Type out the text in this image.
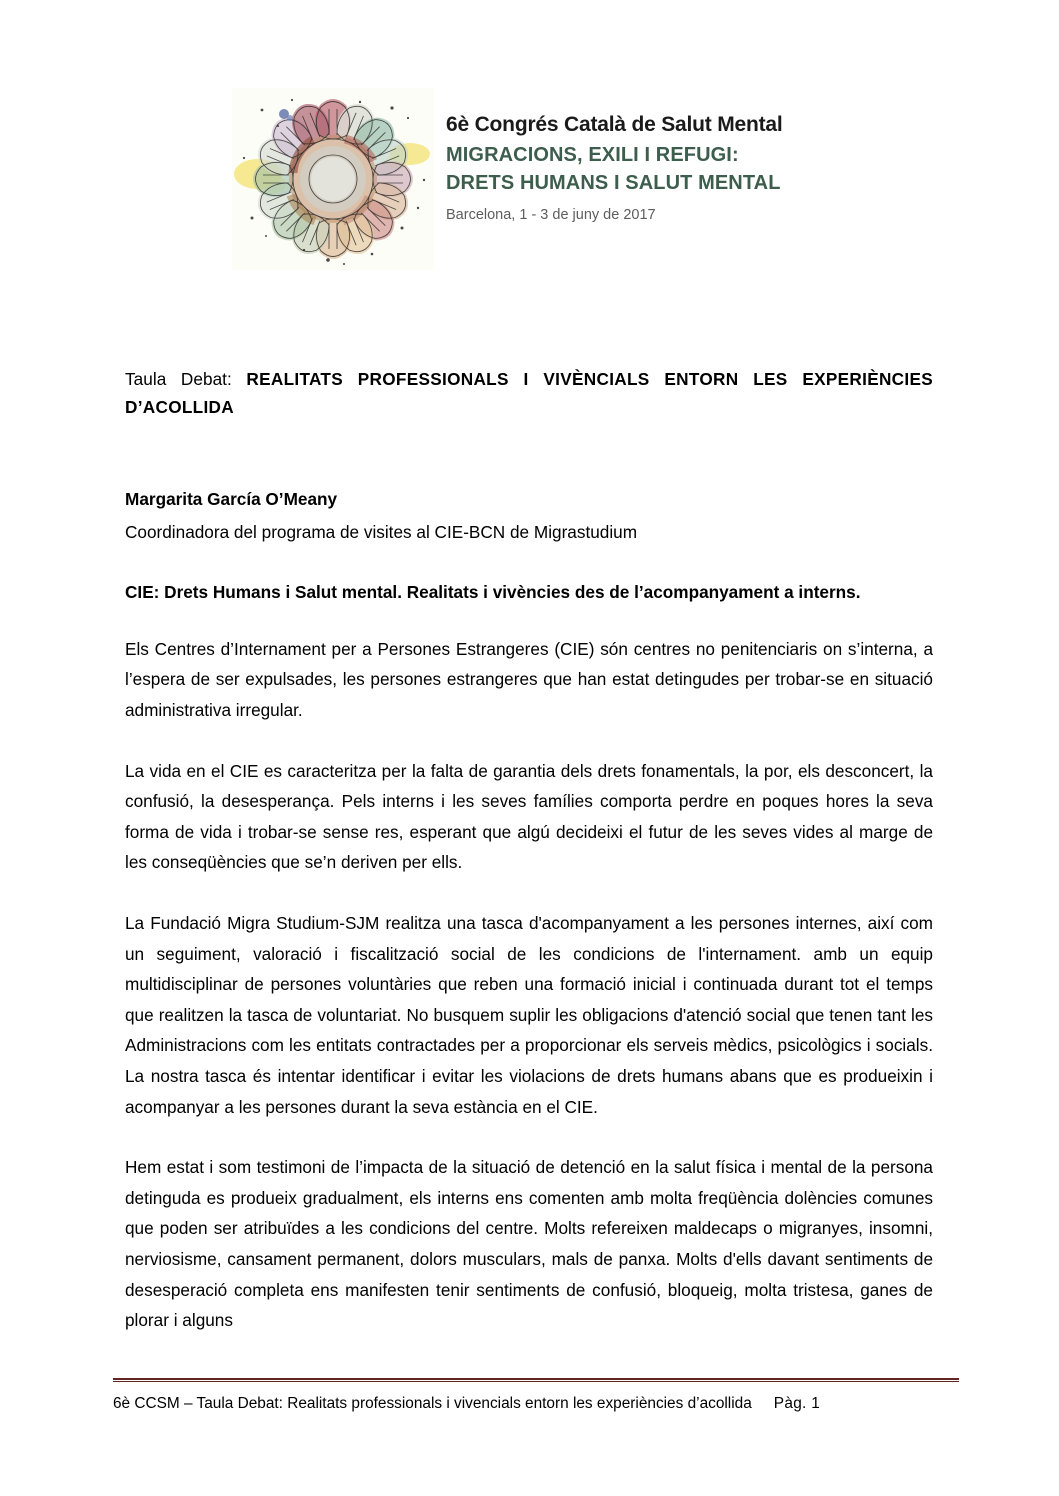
6è Congrés Català de Salut Mental
MIGRACIONS, EXILI I REFUGI:
DRETS HUMANS I SALUT MENTAL
Barcelona, 1 - 3 de juny de 2017
Taula Debat: REALITATS PROFESSIONALS I VIVÈNCIALS ENTORN LES EXPERIÈNCIES D’ACOLLIDA
Margarita García O’Meany
Coordinadora del programa de visites al CIE-BCN de Migrastudium
CIE: Drets Humans i Salut mental. Realitats i vivències des de l’acompanyament a interns.

Els Centres d’Internament per a Persones Estrangeres (CIE) són centres no penitenciaris on s’interna, a l’espera de ser expulsades, les persones estrangeres que han estat detingudes per trobar-se en situació administrativa irregular.

La vida en el CIE es caracteritza per la falta de garantia dels drets fonamentals, la por, els desconcert, la confusió, la desesperança. Pels interns i les seves famílies comporta perdre en poques hores la seva forma de vida i trobar-se sense res, esperant que algú decideixi el futur de les seves vides al marge de les conseqüències que se’n deriven per ells.

La Fundació Migra Studium-SJM realitza una tasca d'acompanyament a les persones internes, així com un seguiment, valoració i fiscalització social de les condicions de l'internament. amb un equip multidisciplinar de persones voluntàries que reben una formació inicial i continuada durant tot el temps que realitzen la tasca de voluntariat. No busquem suplir les obligacions d'atenció social que tenen tant les Administracions com les entitats contractades per a proporcionar els serveis mèdics, psicològics i socials. La nostra tasca és intentar identificar i evitar les violacions de drets humans abans que es produeixin i acompanyar a les persones durant la seva estància en el CIE.

Hem estat i som testimoni de l’impacta de la situació de detenció en la salut física i mental de la persona detinguda es produeix gradualment, els interns ens comenten amb molta freqüència dolències comunes que poden ser atribuïdes a les condicions del centre. Molts refereixen maldecaps o migranyes, insomni, nerviosisme, cansament permanent, dolors musculars, mals de panxa. Molts d'ells davant sentiments de desesperació completa ens manifesten tenir sentiments de confusió, bloqueig, molta tristesa, ganes de plorar i alguns

6è CCSM – Taula Debat: Realitats professionals i vivencials entorn les experiències d’acollida Pàg. 1
